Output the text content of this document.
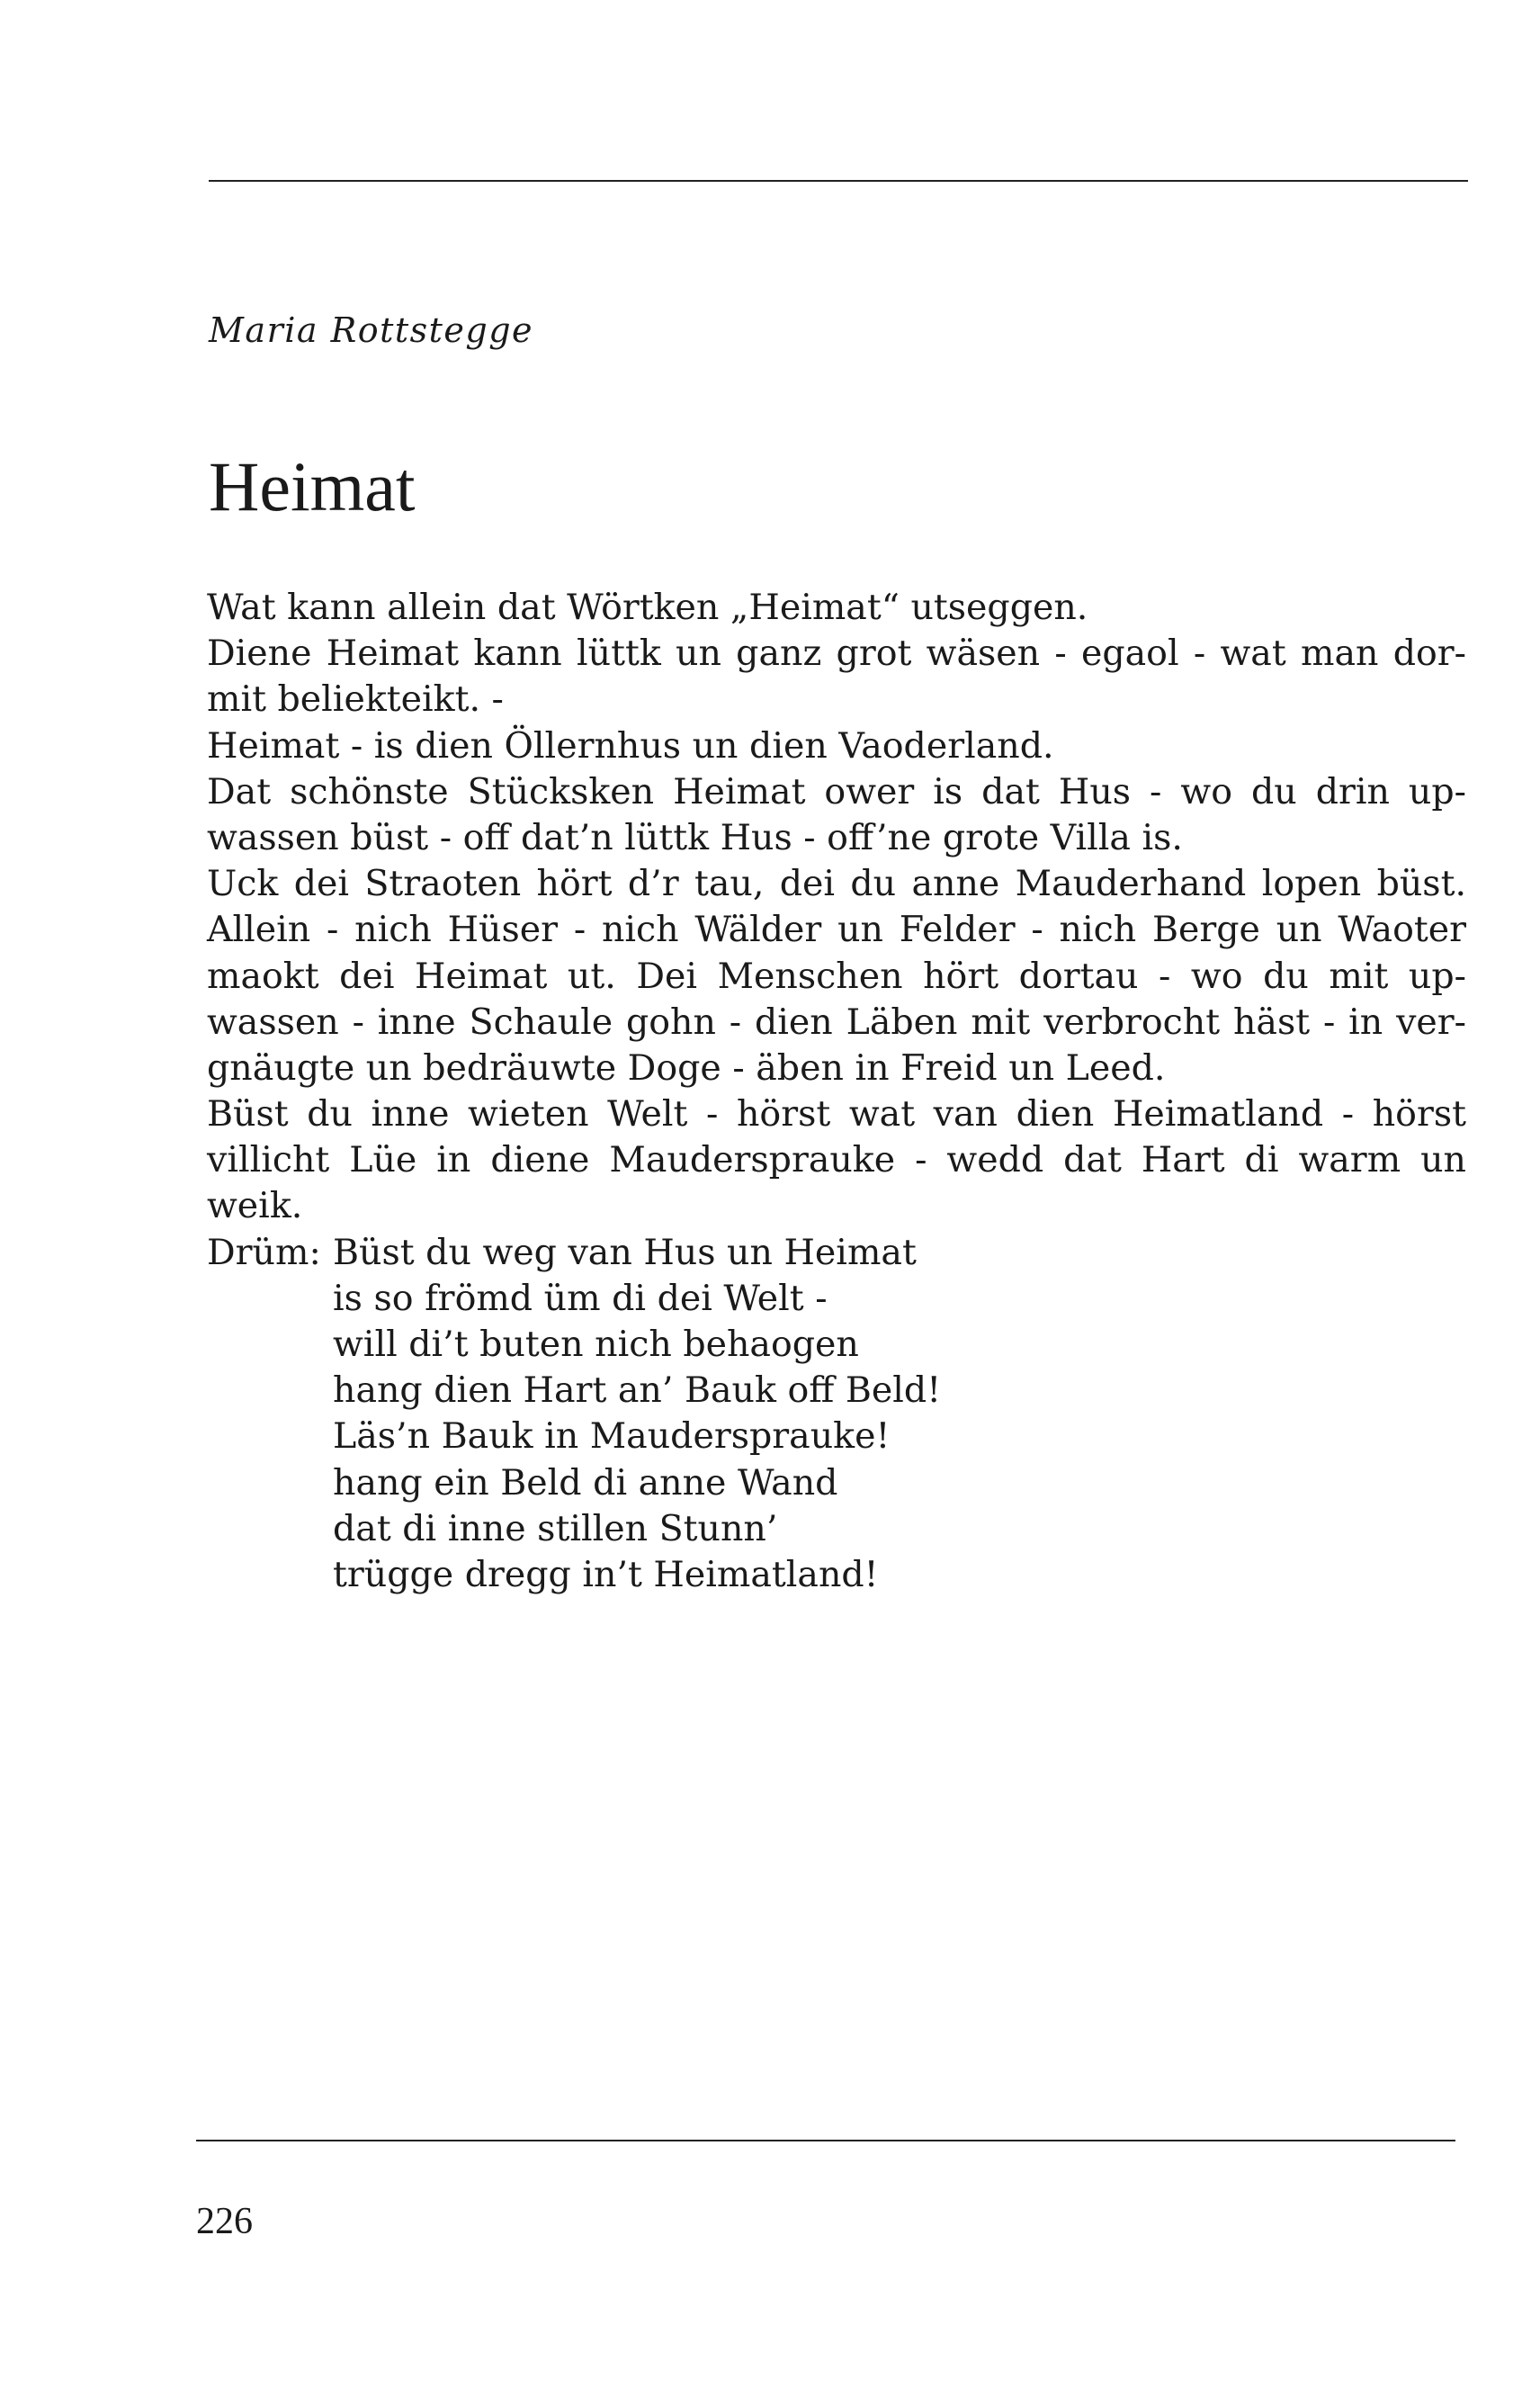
Maria Rottstegge
Heimat
Wat kann allein dat Wörtken „Heimat“ utseggen.
Diene Heimat kann lüttk un ganz grot wäsen - egaol - wat man dor-
mit beliekteikt. -
Heimat - is dien Öllernhus un dien Vaoderland.
Dat schönste Stücksken Heimat ower is dat Hus - wo du drin up-
wassen büst - off dat’n lüttk Hus - off’ne grote Villa is.
Uck dei Straoten hört d’r tau, dei du anne Mauderhand lopen büst.
Allein - nich Hüser - nich Wälder un Felder - nich Berge un Waoter
maokt dei Heimat ut. Dei Menschen hört dortau - wo du mit up-
wassen - inne Schaule gohn - dien Läben mit verbrocht häst - in ver-
gnäugte un bedräuwte Doge - äben in Freid un Leed.
Büst du inne wieten Welt - hörst wat van dien Heimatland - hörst
villicht Lüe in diene Maudersprauke - wedd dat Hart di warm un
weik.
Drüm: Büst du weg van Hus un Heimat
is so frömd üm di dei Welt -
will di’t buten nich behaogen
hang dien Hart an’ Bauk off Beld!
Läs’n Bauk in Maudersprauke!
hang ein Beld di anne Wand
dat di inne stillen Stunn’
trügge dregg in’t Heimatland!
226
